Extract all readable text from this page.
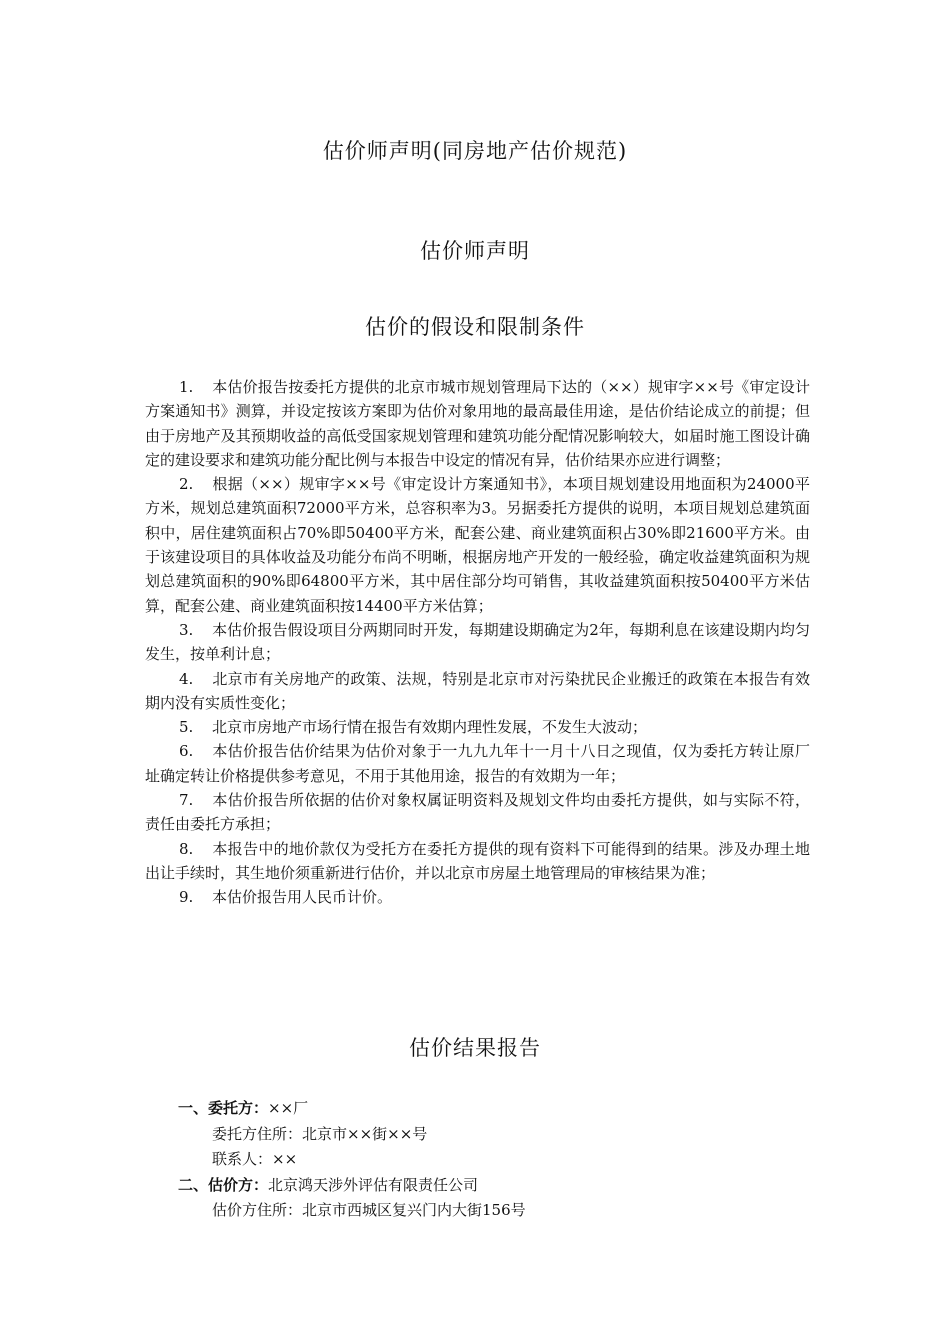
估价师声明(同房地产估价规范)
估价师声明
估价的假设和限制条件

1. 本估价报告按委托方提供的北京市城市规划管理局下达的（××）规审字××号《审定设计方案通知书》测算，并设定按该方案即为估价对象用地的最高最佳用途，是估价结论成立的前提；但由于房地产及其预期收益的高低受国家规划管理和建筑功能分配情况影响较大，如届时施工图设计确定的建设要求和建筑功能分配比例与本报告中设定的情况有异，估价结果亦应进行调整；

2. 根据（××）规审字××号《审定设计方案通知书》，本项目规划建设用地面积为24000平方米，规划总建筑面积72000平方米，总容积率为3。另据委托方提供的说明，本项目规划总建筑面积中，居住建筑面积占70%即50400平方米，配套公建、商业建筑面积占30%即21600平方米。由于该建设项目的具体收益及功能分布尚不明晰，根据房地产开发的一般经验，确定收益建筑面积为规划总建筑面积的90%即64800平方米，其中居住部分均可销售，其收益建筑面积按50400平方米估算，配套公建、商业建筑面积按14400平方米估算；

3. 本估价报告假设项目分两期同时开发，每期建设期确定为2年，每期利息在该建设期内均匀发生，按单利计息；

4. 北京市有关房地产的政策、法规，特别是北京市对污染扰民企业搬迁的政策在本报告有效期内没有实质性变化；

5. 北京市房地产市场行情在报告有效期内理性发展，不发生大波动；

6. 本估价报告估价结果为估价对象于一九九九年十一月十八日之现值，仅为委托方转让原厂址确定转让价格提供参考意见，不用于其他用途，报告的有效期为一年；

7. 本估价报告所依据的估价对象权属证明资料及规划文件均由委托方提供，如与实际不符，责任由委托方承担；

8. 本报告中的地价款仅为受托方在委托方提供的现有资料下可能得到的结果。涉及办理土地出让手续时，其生地价须重新进行估价，并以北京市房屋土地管理局的审核结果为准；

9. 本估价报告用人民币计价。

估价结果报告
一、委托方：××厂
委托方住所：北京市××街××号
联系人：××
二、估价方：北京鸿天涉外评估有限责任公司
估价方住所：北京市西城区复兴门内大街156号
